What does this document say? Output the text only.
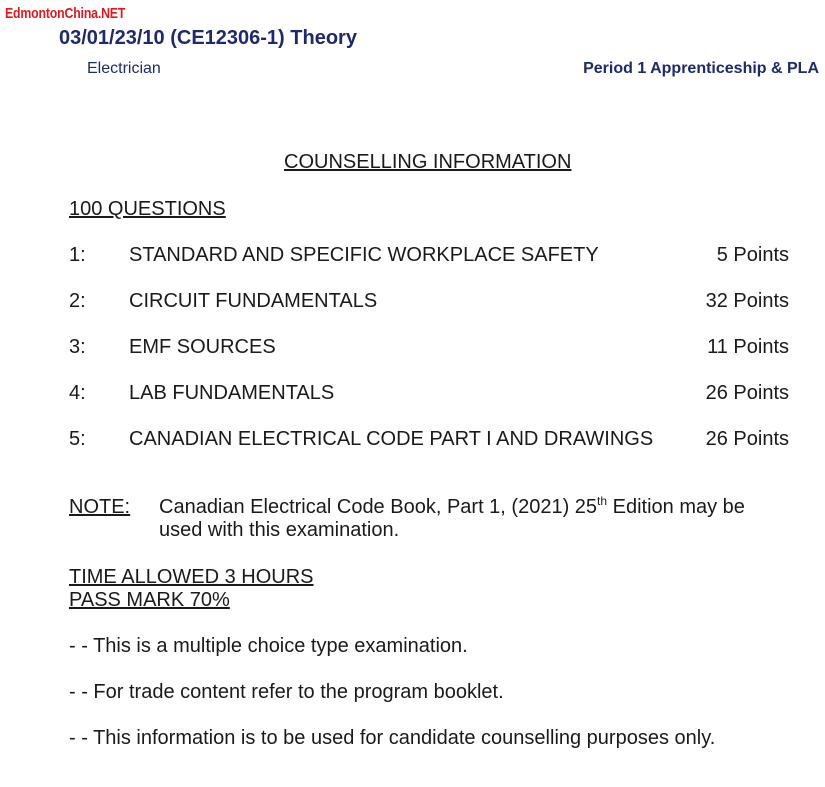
EdmontonChina.NET
03/01/23/10 (CE12306-1) Theory
Electrician	Period 1 Apprenticeship & PLA
COUNSELLING INFORMATION
100 QUESTIONS
1: STANDARD AND SPECIFIC WORKPLACE SAFETY	5 Points
2: CIRCUIT FUNDAMENTALS	32 Points
3: EMF SOURCES	11 Points
4: LAB FUNDAMENTALS	26 Points
5: CANADIAN ELECTRICAL CODE PART I AND DRAWINGS	26 Points
NOTE: Canadian Electrical Code Book, Part 1, (2021) 25th Edition may be used with this examination.
TIME ALLOWED 3 HOURS
PASS MARK 70%
- - This is a multiple choice type examination.
- - For trade content refer to the program booklet.
- - This information is to be used for candidate counselling purposes only.
